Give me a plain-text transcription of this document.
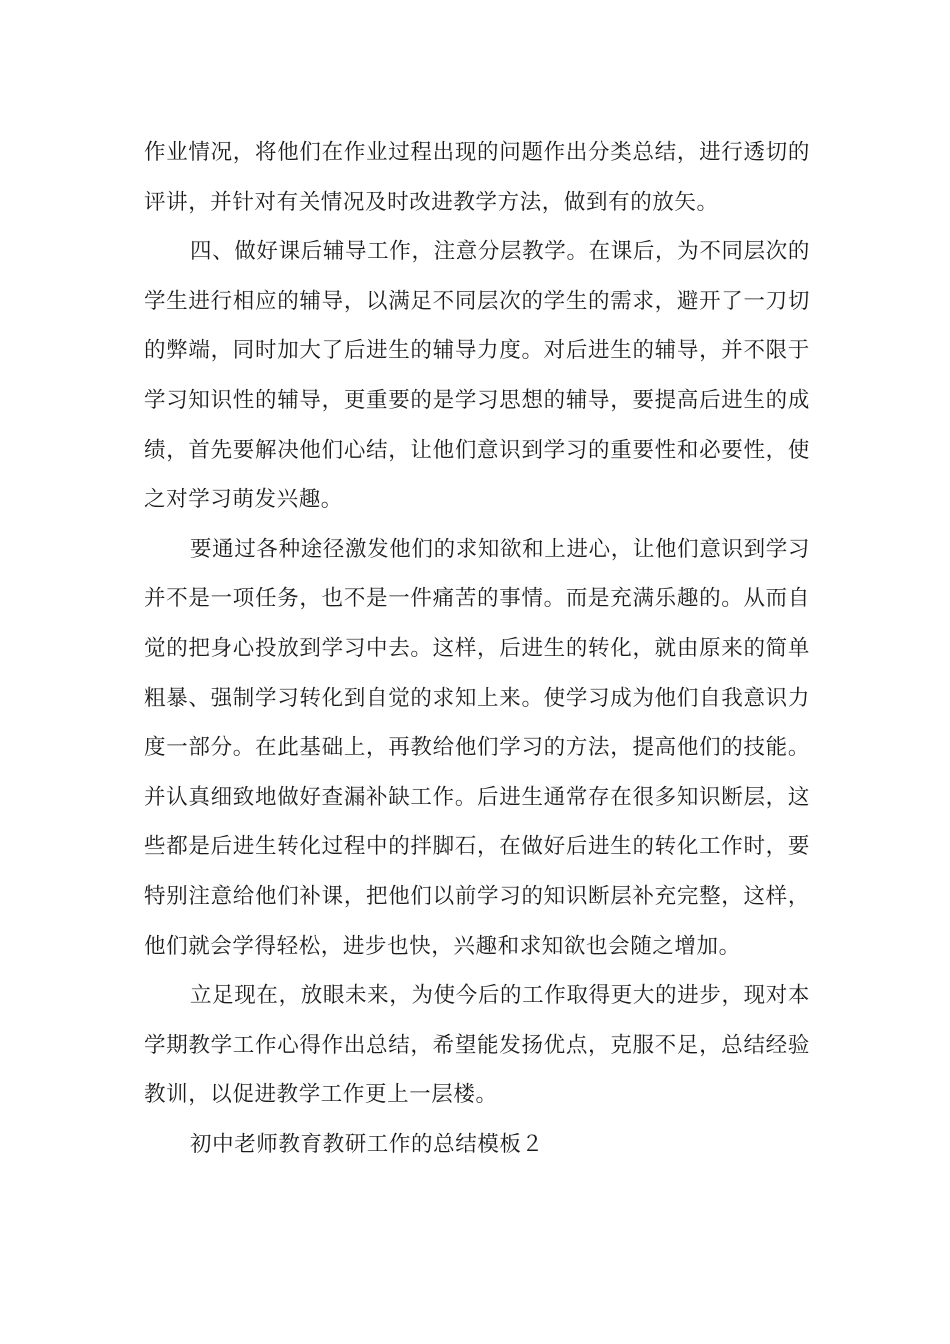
作业情况，将他们在作业过程出现的问题作出分类总结，进行透切的评讲，并针对有关情况及时改进教学方法，做到有的放矢。

四、做好课后辅导工作，注意分层教学。在课后，为不同层次的学生进行相应的辅导，以满足不同层次的学生的需求，避开了一刀切的弊端，同时加大了后进生的辅导力度。对后进生的辅导，并不限于学习知识性的辅导，更重要的是学习思想的辅导，要提高后进生的成绩，首先要解决他们心结，让他们意识到学习的重要性和必要性，使之对学习萌发兴趣。

要通过各种途径激发他们的求知欲和上进心，让他们意识到学习并不是一项任务，也不是一件痛苦的事情。而是充满乐趣的。从而自觉的把身心投放到学习中去。这样，后进生的转化，就由原来的简单粗暴、强制学习转化到自觉的求知上来。使学习成为他们自我意识力度一部分。在此基础上，再教给他们学习的方法，提高他们的技能。并认真细致地做好查漏补缺工作。后进生通常存在很多知识断层，这些都是后进生转化过程中的拌脚石，在做好后进生的转化工作时，要特别注意给他们补课，把他们以前学习的知识断层补充完整，这样，他们就会学得轻松，进步也快，兴趣和求知欲也会随之增加。

立足现在，放眼未来，为使今后的工作取得更大的进步，现对本学期教学工作心得作出总结，希望能发扬优点，克服不足，总结经验教训，以促进教学工作更上一层楼。

初中老师教育教研工作的总结模板２
